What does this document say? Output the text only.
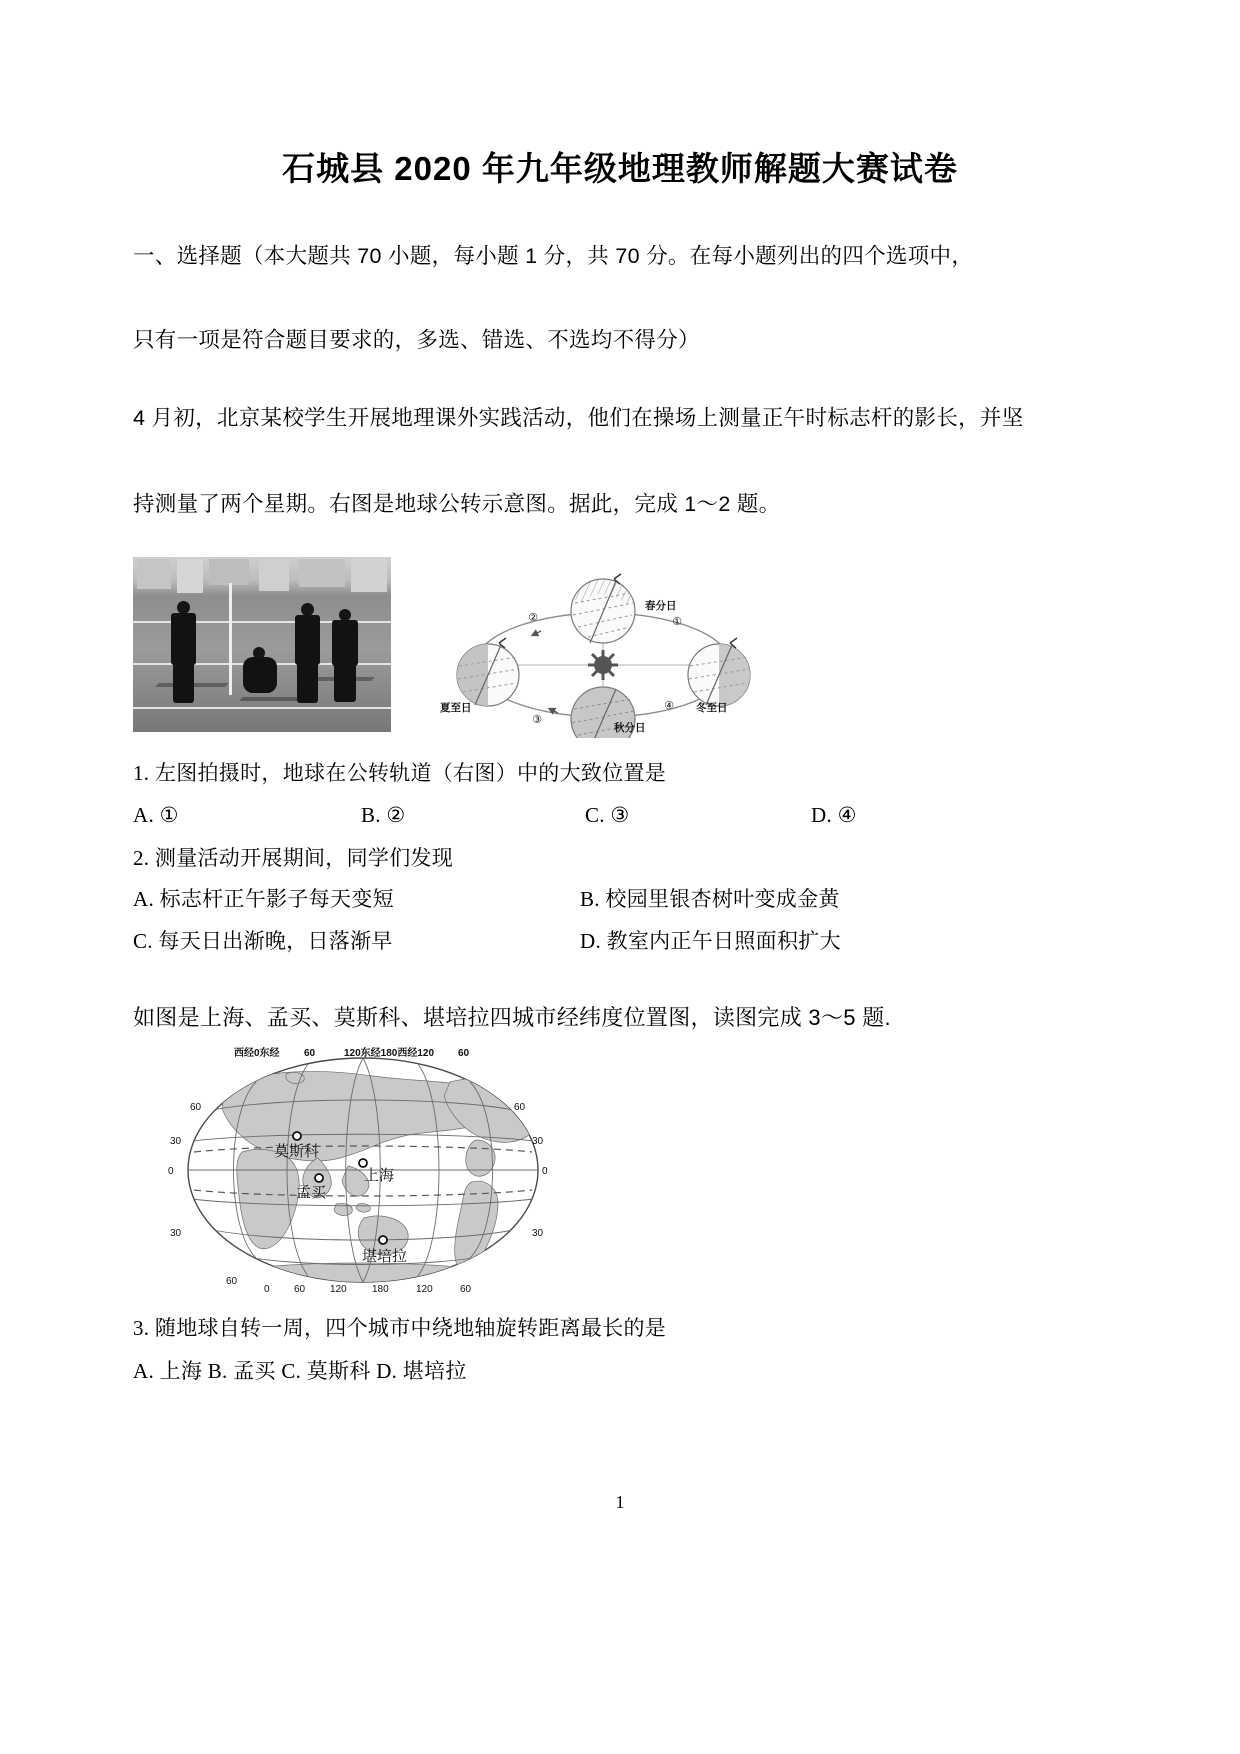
石城县 2020 年九年级地理教师解题大赛试卷
一、选择题（本大题共 70 小题，每小题 1 分，共 70 分。在每小题列出的四个选项中，
只有一项是符合题目要求的，多选、错选、不选均不得分）
4 月初，北京某校学生开展地理课外实践活动，他们在操场上测量正午时标志杆的影长，并坚
持测量了两个星期。右图是地球公转示意图。据此，完成 1～2 题。
①
②
③
④
春分日
夏至日
秋分日
冬至日
1. 左图拍摄时，地球在公转轨道（右图）中的大致位置是
A. ①	B. ②	C. ③	D. ④
2. 测量活动开展期间，同学们发现
A. 标志杆正午影子每天变短	B. 校园里银杏树叶变成金黄
C. 每天日出渐晚，日落渐早	D. 教室内正午日照面积扩大
如图是上海、孟买、莫斯科、堪培拉四城市经纬度位置图，读图完成 3～5 题.
莫斯科
上海
孟买
堪培拉
西经0东经 60	120东经180西经120 60
60
30
0
30
60
30
0
30
60
0 60 120	180	120	60
3. 随地球自转一周，四个城市中绕地轴旋转距离最长的是
A. 上海 B. 孟买 C. 莫斯科 D. 堪培拉
1
